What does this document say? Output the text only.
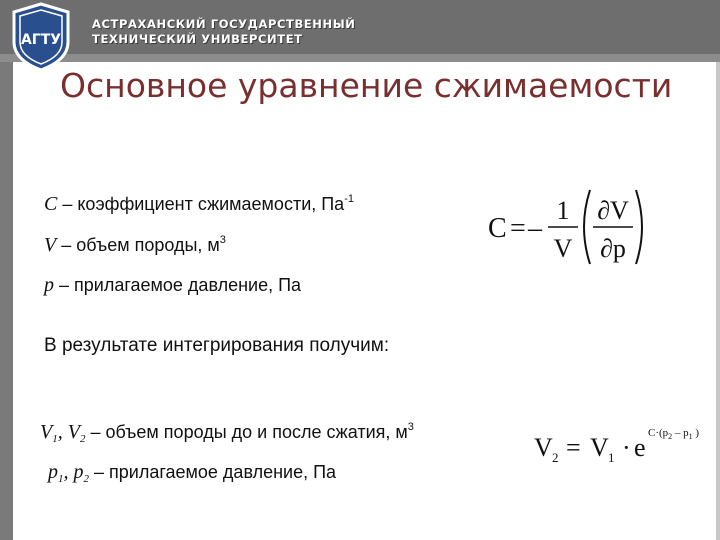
АГТУ
АСТРАХАНСКИЙ ГОСУДАРСТВЕННЫЙ
ТЕХНИЧЕСКИЙ УНИВЕРСИТЕТ
Основное уравнение сжимаемости
C – коэффициент сжимаемости, $Па^{-1}$
V – объем породы, $м^3$
p – прилагаемое давление, Па
В результате интегрирования получим:
$V_1$, $V_2$ – объем породы до и после сжатия, $м^3$
$p_1$, $p_2$ – прилагаемое давление, Па
C = –
1
V
∂V
∂p
V 2 = V 1 · e $C\cdot(p_2 - p_1$ )
